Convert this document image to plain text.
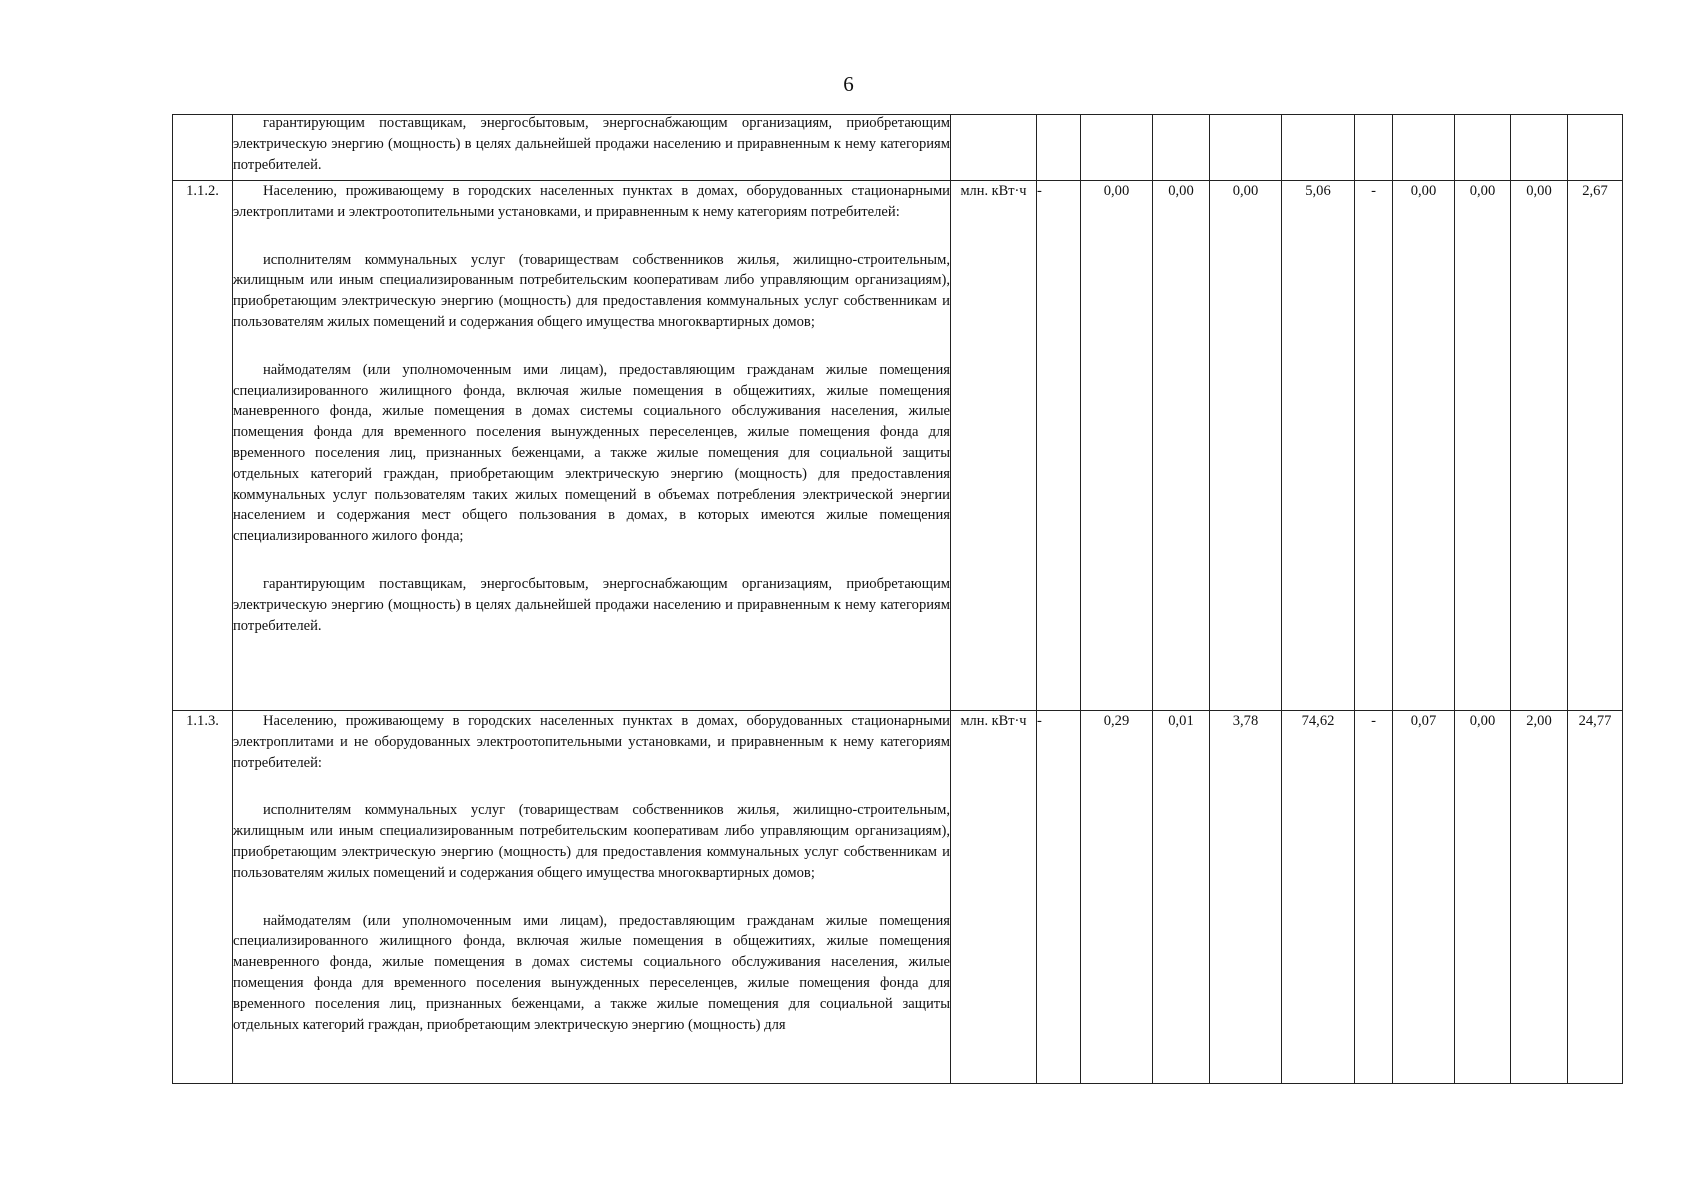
6

	гарантирующим поставщикам, энергосбытовым, энергоснабжающим организациям, приобретающим электрическую энергию (мощность) в целях дальнейшей продажи населению и приравненным к нему категориям потребителей.											

1.1.2.	Населению, проживающему в городских населенных пунктах в домах, оборудованных стационарными электроплитами и электроотопительными установками, и приравненным к нему категориям потребителей:

исполнителям коммунальных услуг (товариществам собственников жилья, жилищно-строительным, жилищным или иным специализированным потребительским кооперативам либо управляющим организациям), приобретающим электрическую энергию (мощность) для предоставления коммунальных услуг собственникам и пользователям жилых помещений и содержания общего имущества многоквартирных домов;

наймодателям (или уполномоченным ими лицам), предоставляющим гражданам жилые помещения специализированного жилищного фонда, включая жилые помещения в общежитиях, жилые помещения маневренного фонда, жилые помещения в домах системы социального обслуживания населения, жилые помещения фонда для временного поселения вынужденных переселенцев, жилые помещения фонда для временного поселения лиц, признанных беженцами, а также жилые помещения для социальной защиты отдельных категорий граждан, приобретающим электрическую энергию (мощность) для предоставления коммунальных услуг пользователям таких жилых помещений в объемах потребления электрической энергии населением и содержания мест общего пользования в домах, в которых имеются жилые помещения специализированного жилого фонда;

гарантирующим поставщикам, энергосбытовым, энергоснабжающим организациям, приобретающим электрическую энергию (мощность) в целях дальнейшей продажи населению и приравненным к нему категориям потребителей.	млн. кВт·ч	-	0,00	0,00	0,00	5,06	-	0,00	0,00	0,00	2,67
1.1.3.	Населению, проживающему в городских населенных пунктах в домах, оборудованных стационарными электроплитами и не оборудованных электроотопительными установками, и приравненным к нему категориям потребителей:

исполнителям коммунальных услуг (товариществам собственников жилья, жилищно-строительным, жилищным или иным специализированным потребительским кооперативам либо управляющим организациям), приобретающим электрическую энергию (мощность) для предоставления коммунальных услуг собственникам и пользователям жилых помещений и содержания общего имущества многоквартирных домов;

наймодателям (или уполномоченным ими лицам), предоставляющим гражданам жилые помещения специализированного жилищного фонда, включая жилые помещения в общежитиях, жилые помещения маневренного фонда, жилые помещения в домах системы социального обслуживания населения, жилые помещения фонда для временного поселения вынужденных переселенцев, жилые помещения фонда для временного поселения лиц, признанных беженцами, а также жилые помещения для социальной защиты отдельных категорий граждан, приобретающим электрическую энергию (мощность) для	млн. кВт·ч	-	0,29	0,01	3,78	74,62	-	0,07	0,00	2,00	24,77
